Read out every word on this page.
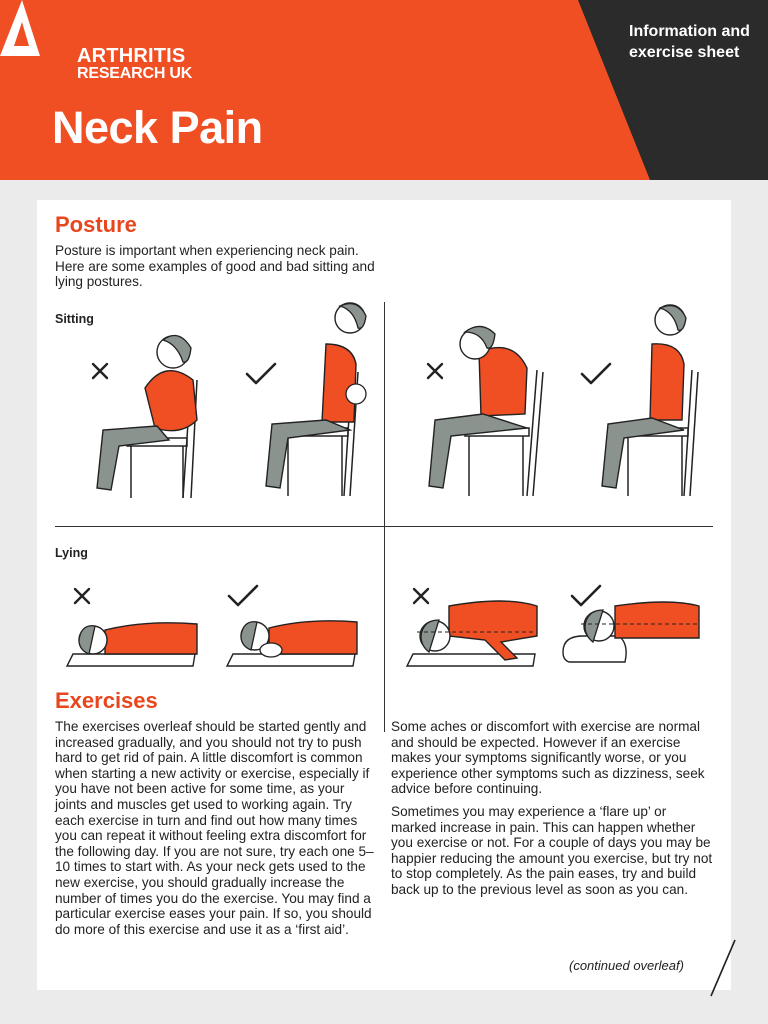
ARTHRITIS
RESEARCH UK
Neck Pain
Information and exercise sheet
Posture

Posture is important when experiencing neck pain. Here are some examples of good and bad sitting and lying postures.

Sitting
Lying
Exercises

The exercises overleaf should be started gently and increased gradually, and you should not try to push hard to get rid of pain. A little discomfort is common when starting a new activity or exercise, especially if you have not been active for some time, as your joints and muscles get used to working again. Try each exercise in turn and find out how many times you can repeat it without feeling extra discomfort for the following day. If you are not sure, try each one 5–10 times to start with. As your neck gets used to the new exercise, you should gradually increase the number of times you do the exercise. You may find a particular exercise eases your pain. If so, you should do more of this exercise and use it as a ‘first aid’.

Some aches or discomfort with exercise are normal and should be expected. However if an exercise makes your symptoms significantly worse, or you experience other symptoms such as dizziness, seek advice before continuing.

Sometimes you may experience a ‘flare up’ or marked increase in pain. This can happen whether you exercise or not. For a couple of days you may be happier reducing the amount you exercise, but try not to stop completely. As the pain eases, try and build back up to the previous level as soon as you can.

(continued overleaf)
